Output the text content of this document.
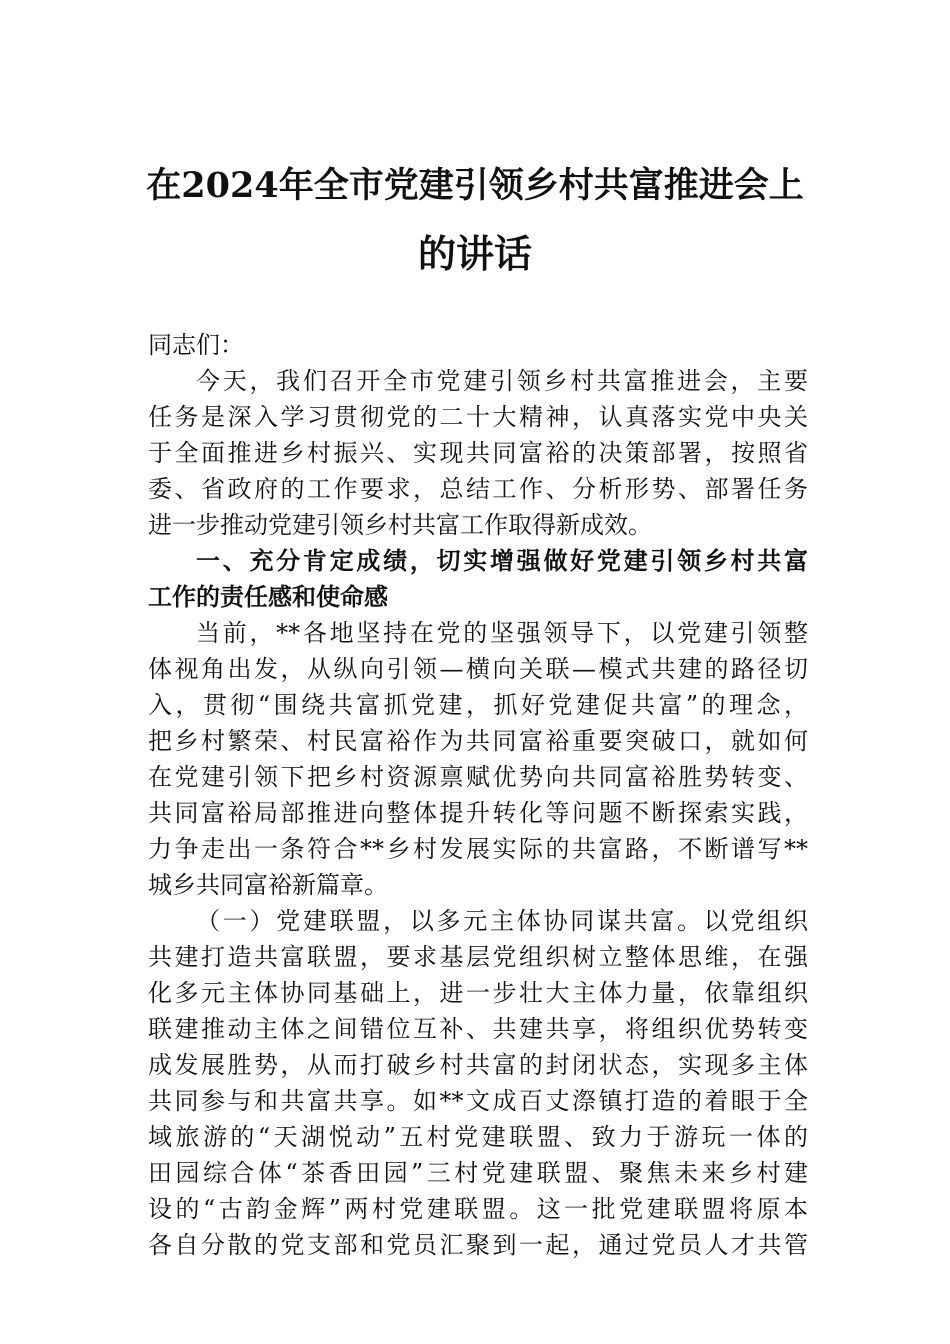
在2024年全市党建引领乡村共富推进会上
的讲话
同志们：
今天，我们召开全市党建引领乡村共富推进会，主要
任务是深入学习贯彻党的二十大精神，认真落实党中央关
于全面推进乡村振兴、实现共同富裕的决策部署，按照省
委、省政府的工作要求，总结工作、分析形势、部署任务
进一步推动党建引领乡村共富工作取得新成效。
一、充分肯定成绩，切实增强做好党建引领乡村共富
工作的责任感和使命感
当前，**各地坚持在党的坚强领导下，以党建引领整
体视角出发，从纵向引领—横向关联—模式共建的路径切
入，贯彻“围绕共富抓党建，抓好党建促共富”的理念，
把乡村繁荣、村民富裕作为共同富裕重要突破口，就如何
在党建引领下把乡村资源禀赋优势向共同富裕胜势转变、
共同富裕局部推进向整体提升转化等问题不断探索实践，
力争走出一条符合**乡村发展实际的共富路，不断谱写**
城乡共同富裕新篇章。
（一）党建联盟，以多元主体协同谋共富。以党组织
共建打造共富联盟，要求基层党组织树立整体思维，在强
化多元主体协同基础上，进一步壮大主体力量，依靠组织
联建推动主体之间错位互补、共建共享，将组织优势转变
成发展胜势，从而打破乡村共富的封闭状态，实现多主体
共同参与和共富共享。如**文成百丈漈镇打造的着眼于全
域旅游的“天湖悦动”五村党建联盟、致力于游玩一体的
田园综合体“茶香田园”三村党建联盟、聚焦未来乡村建
设的“古韵金辉”两村党建联盟。这一批党建联盟将原本
各自分散的党支部和党员汇聚到一起，通过党员人才共管
